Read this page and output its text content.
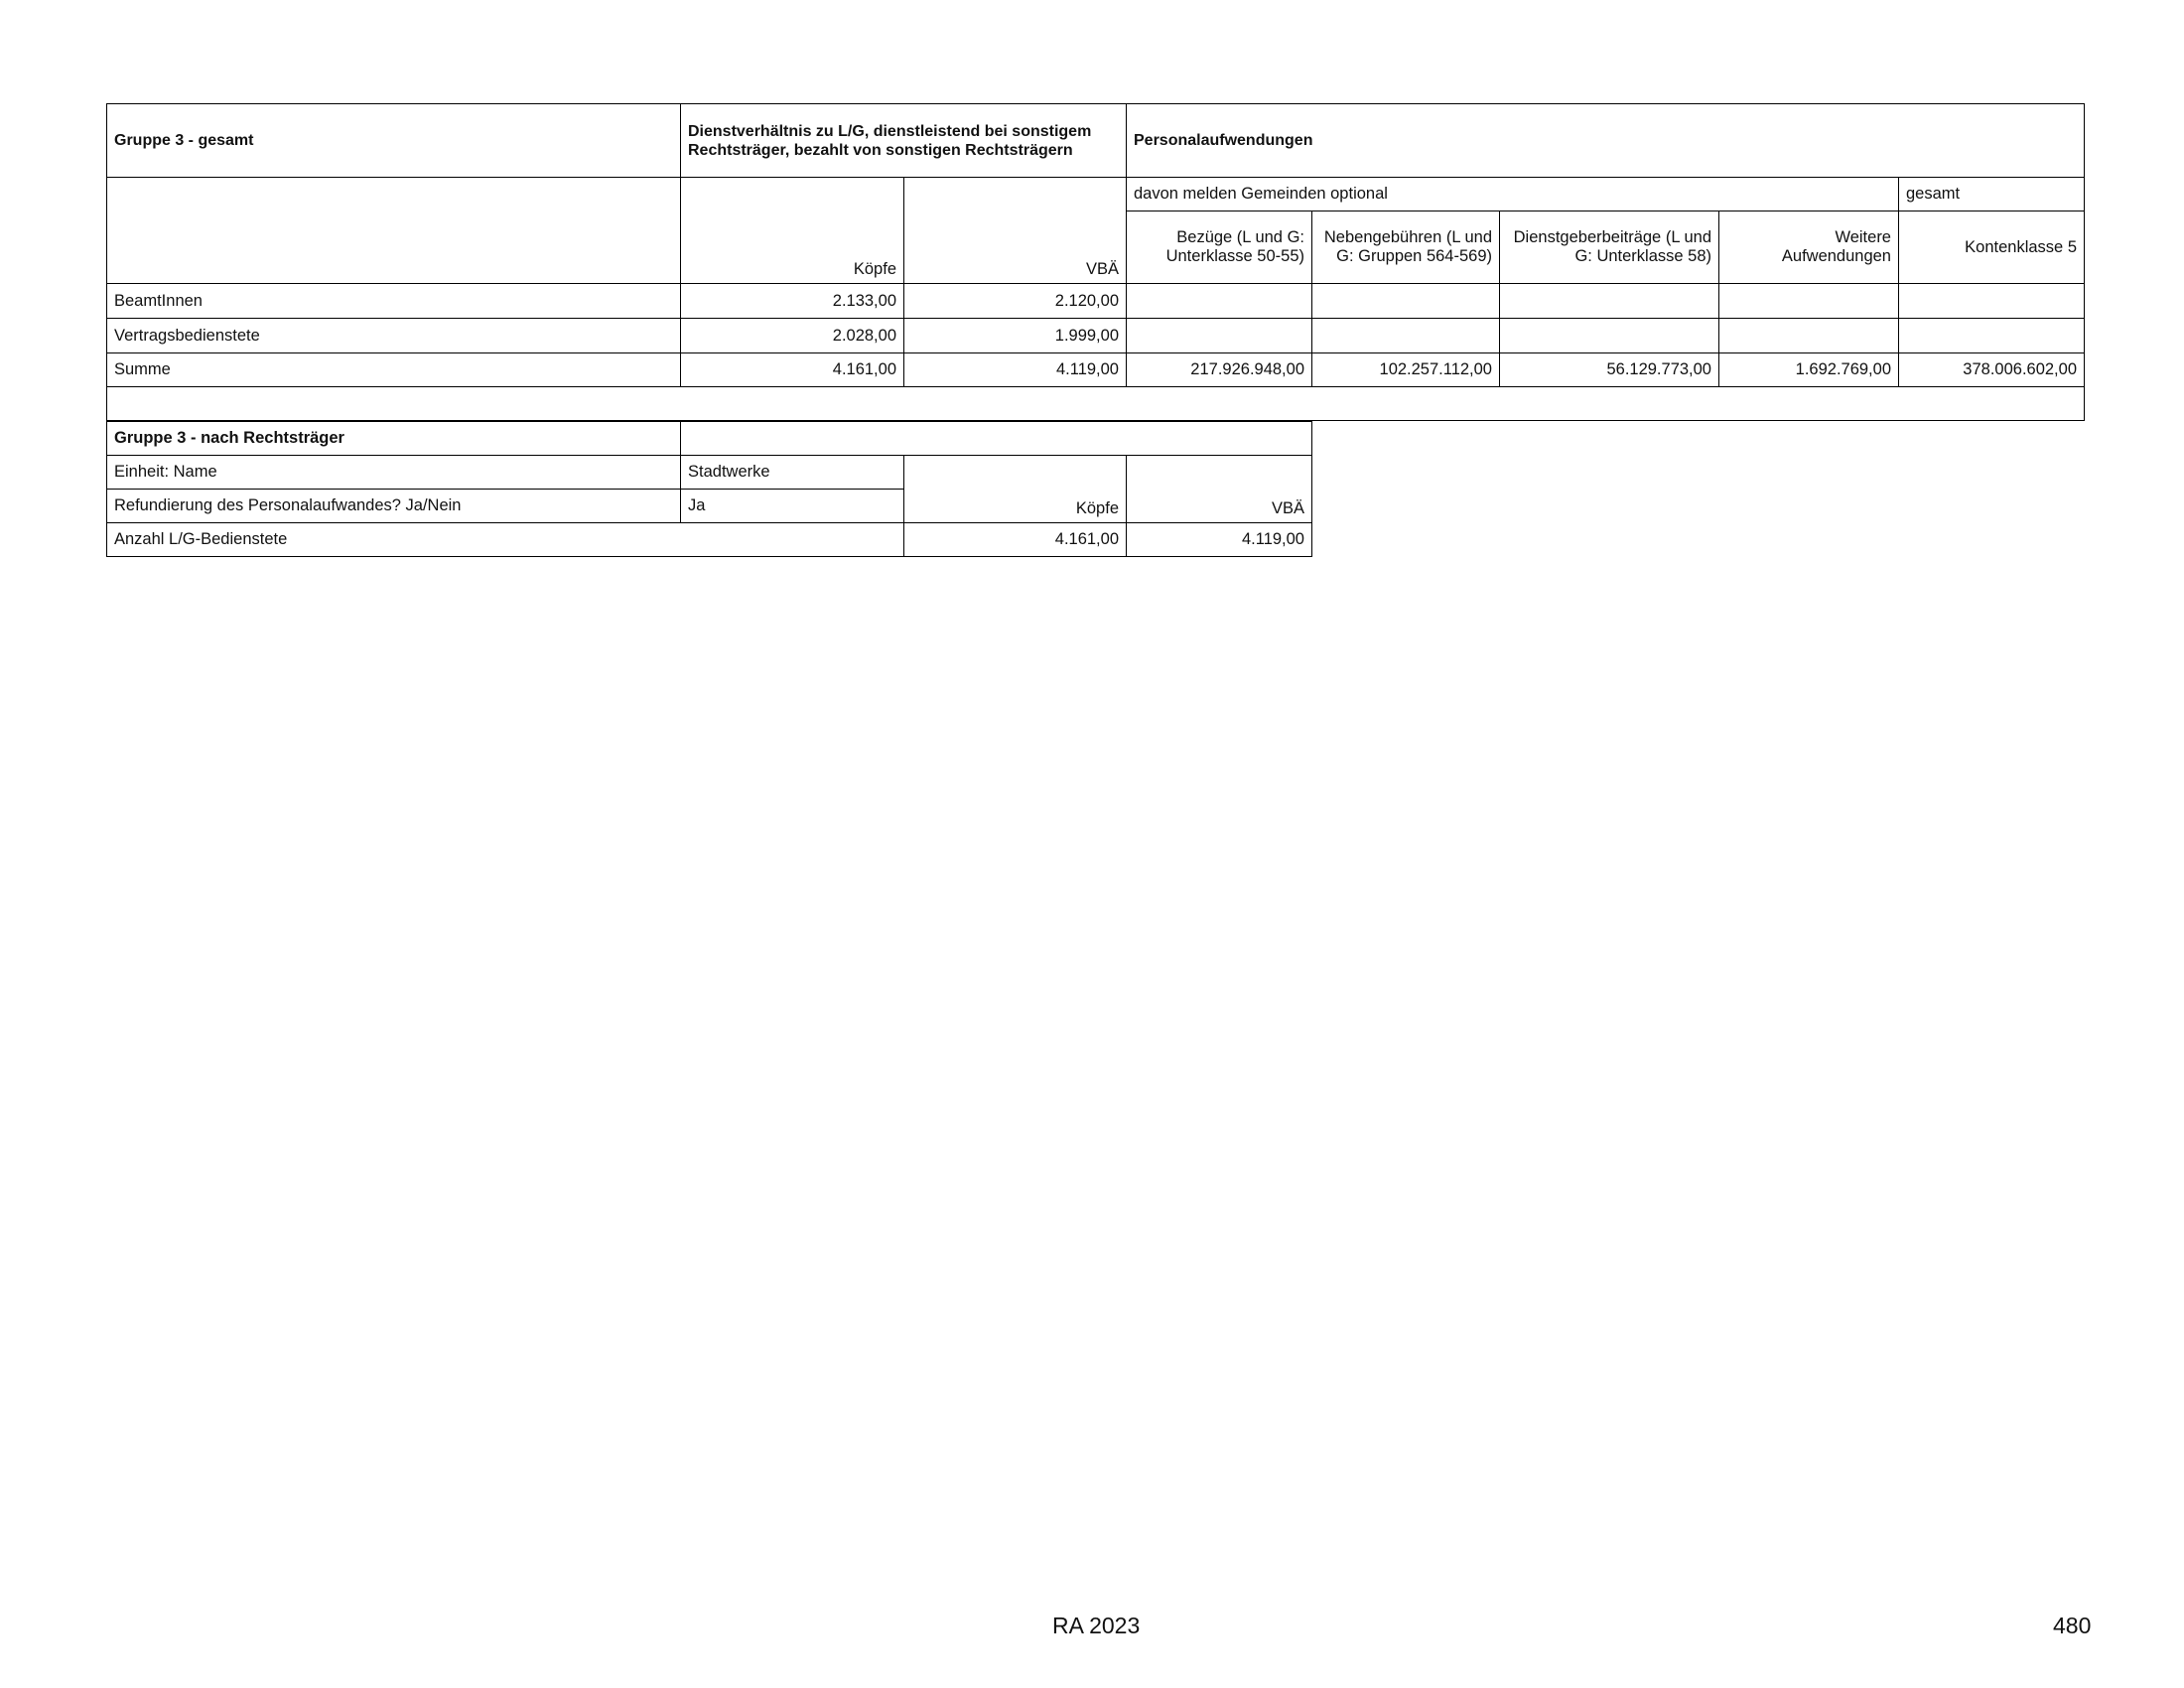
Gruppe 3 - gesamt	Dienstverhältnis zu L/G, dienstleistend bei sonstigem Rechtsträger, bezahlt von sonstigen Rechtsträgern		Personalaufwendungen				
	Köpfe	VBÄ	davon melden Gemeinden optional				gesamt
			Bezüge (L und G: Unterklasse 50-55)	Nebengebühren (L und G: Gruppen 564-569)	Dienstgeberbeiträge (L und G: Unterklasse 58)	Weitere Aufwendungen	Kontenklasse 5
BeamtInnen	2.133,00	2.120,00					
Vertragsbedienstete	2.028,00	1.999,00					
Summe	4.161,00	4.119,00	217.926.948,00	102.257.112,00	56.129.773,00	1.692.769,00	378.006.602,00

Gruppe 3 - nach Rechtsträger			
Einheit: Name	Stadtwerke	Köpfe	VBÄ
Refundierung des Personalaufwandes? Ja/Nein	Ja		
Anzahl L/G-Bedienstete		4.161,00	4.119,00
RA 2023	480
